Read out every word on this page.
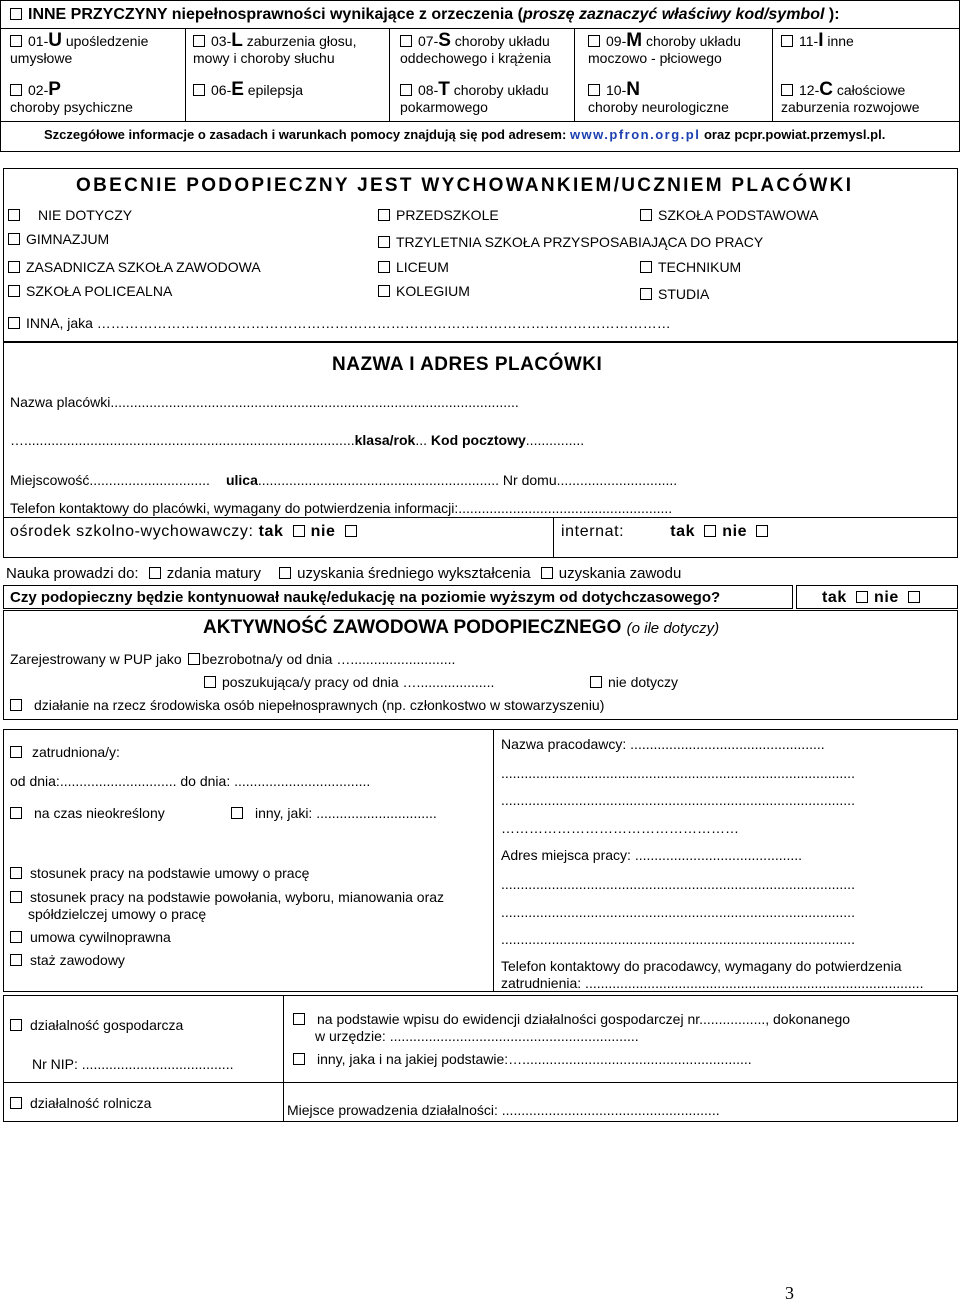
INNE PRZYCZYNY niepełnosprawności wynikające z orzeczenia (proszę zaznaczyć właściwy kod/symbol ):
01-U upośledzenie
umysłowe
03-L zaburzenia głosu,
mowy i choroby słuchu
07-S choroby układu
oddechowego i krążenia
09-M choroby układu
moczowo - płciowego
11-I inne
02-P
choroby psychiczne
06-E epilepsja	08-T choroby układu
pokarmowego
10-N
choroby neurologiczne
12-C całościowe
zaburzenia rozwojowe
Szczegółowe informacje o zasadach i warunkach pomocy znajdują się pod adresem: www.pfron.org.pl oraz pcpr.powiat.przemysl.pl.
OBECNIE PODOPIECZNY JEST WYCHOWANKIEM/UCZNIEM PLACÓWKI
NIE DOTYCZY	PRZEDSZKOLE	SZKOŁA PODSTAWOWA
GIMNAZJUM	TRZYLETNIA SZKOŁA PRZYSPOSABIAJĄCA DO PRACY
ZASADNICZA SZKOŁA ZAWODOWA	LICEUM	TECHNIKUM
SZKOŁA POLICEALNA	KOLEGIUM	STUDIA
INNA, jaka ……………………………………………………………………………………………………………
NAZWA I ADRES PLACÓWKI
Nazwa placówki.........................................................................................................
….....................................................................................klasa/rok... Kod pocztowy...............
Miejscowość............................... ulica.............................................................. Nr domu...............................
Telefon kontaktowy do placówki, wymagany do potwierdzenia informacji:.......................................................
ośrodek szkolno-wychowawczy: tak nie	internat:	tak nie
Nauka prowadzi do: zdania matury uzyskania średniego wykształcenia uzyskania zawodu
Czy podopieczny będzie kontynuował naukę/edukację na poziomie wyższym od dotychczasowego?	tak nie
AKTYWNOŚĆ ZAWODOWA PODOPIECZNEGO (o ile dotyczy)
Zarejestrowany w PUP jako bezrobotna/y od dnia …...........................
poszukująca/y pracy od dnia …....................	nie dotyczy
działanie na rzecz środowiska osób niepełnosprawnych (np. członkostwo w stowarzyszeniu)
zatrudniona/y:
od dnia:.............................. do dnia: ...................................
na czas nieokreślony	inny, jaki: ...............................
stosunek pracy na podstawie umowy o pracę
stosunek pracy na podstawie powołania, wyboru, mianowania oraz
spółdzielczej umowy o pracę
umowa cywilnoprawna
staż zawodowy
Nazwa pracodawcy: ..................................................
...........................................................................................
...........................................................................................
……………………………………………
Adres miejsca pracy: ...........................................
...........................................................................................
...........................................................................................
...........................................................................................
Telefon kontaktowy do pracodawcy, wymagany do potwierdzenia
zatrudnienia: .......................................................................................
działalność gospodarcza
Nr NIP: .......................................
na podstawie wpisu do ewidencji działalności gospodarczej nr................., dokonanego
w urzędzie: ................................................................
inny, jaka i na jakiej podstawie:…...........................................................
działalność rolnicza	Miejsce prowadzenia działalności: ........................................................
3
